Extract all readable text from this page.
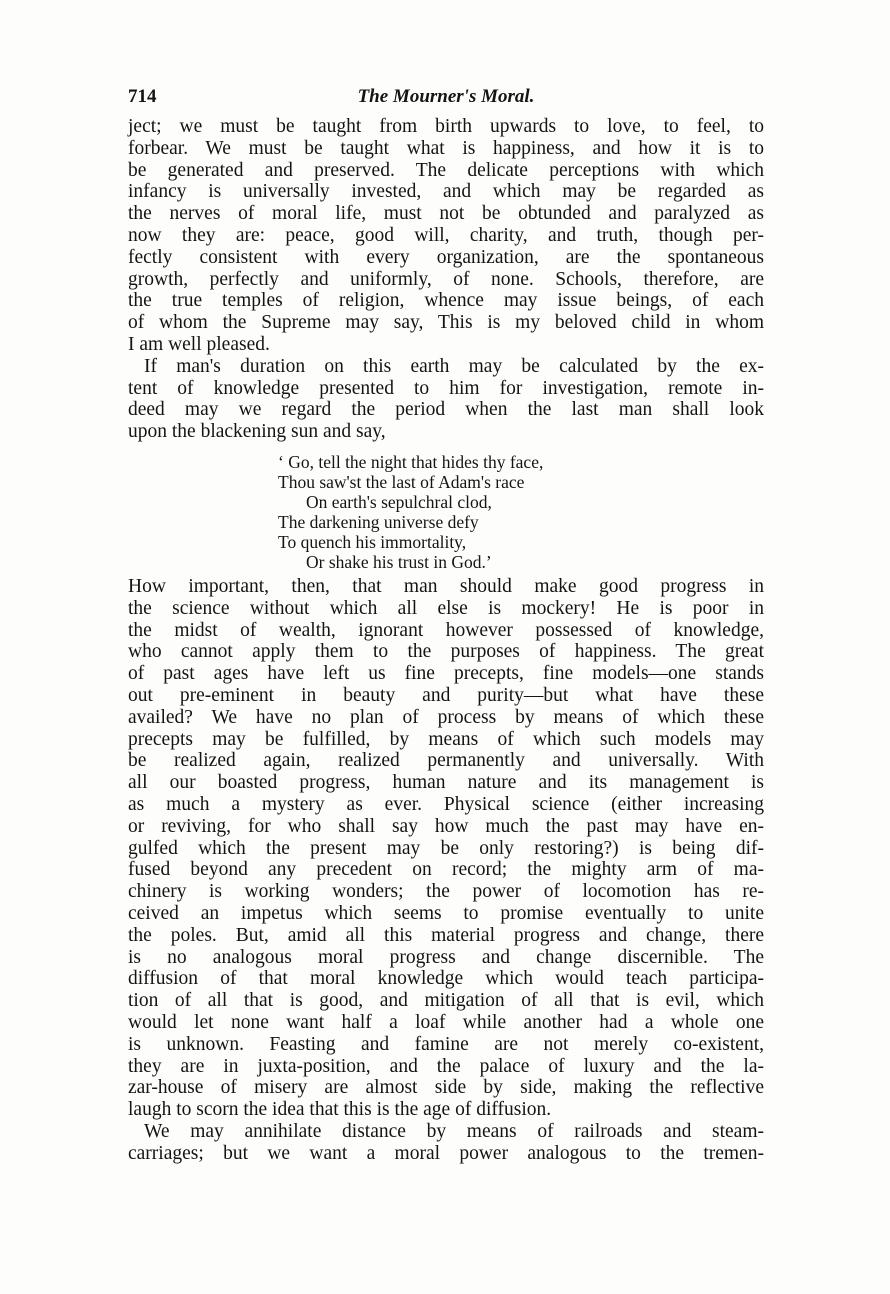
714	The Mourner's Moral.
ject; we must be taught from birth upwards to love, to feel, to
forbear. We must be taught what is happiness, and how it is to
be generated and preserved. The delicate perceptions with which
infancy is universally invested, and which may be regarded as
the nerves of moral life, must not be obtunded and paralyzed as
now they are: peace, good will, charity, and truth, though per-
fectly consistent with every organization, are the spontaneous
growth, perfectly and uniformly, of none. Schools, therefore, are
the true temples of religion, whence may issue beings, of each
of whom the Supreme may say, This is my beloved child in whom
I am well pleased.
If man's duration on this earth may be calculated by the ex-
tent of knowledge presented to him for investigation, remote in-
deed may we regard the period when the last man shall look
upon the blackening sun and say,
‘ Go, tell the night that hides thy face,
Thou saw'st the last of Adam's race
On earth's sepulchral clod,
The darkening universe defy
To quench his immortality,
Or shake his trust in God.’
How important, then, that man should make good progress in
the science without which all else is mockery! He is poor in
the midst of wealth, ignorant however possessed of knowledge,
who cannot apply them to the purposes of happiness. The great
of past ages have left us fine precepts, fine models—one stands
out pre-eminent in beauty and purity—but what have these
availed? We have no plan of process by means of which these
precepts may be fulfilled, by means of which such models may
be realized again, realized permanently and universally. With
all our boasted progress, human nature and its management is
as much a mystery as ever. Physical science (either increasing
or reviving, for who shall say how much the past may have en-
gulfed which the present may be only restoring?) is being dif-
fused beyond any precedent on record; the mighty arm of ma-
chinery is working wonders; the power of locomotion has re-
ceived an impetus which seems to promise eventually to unite
the poles. But, amid all this material progress and change, there
is no analogous moral progress and change discernible. The
diffusion of that moral knowledge which would teach participa-
tion of all that is good, and mitigation of all that is evil, which
would let none want half a loaf while another had a whole one
is unknown. Feasting and famine are not merely co-existent,
they are in juxta-position, and the palace of luxury and the la-
zar-house of misery are almost side by side, making the reflective
laugh to scorn the idea that this is the age of diffusion.
We may annihilate distance by means of railroads and steam-
carriages; but we want a moral power analogous to the tremen-
